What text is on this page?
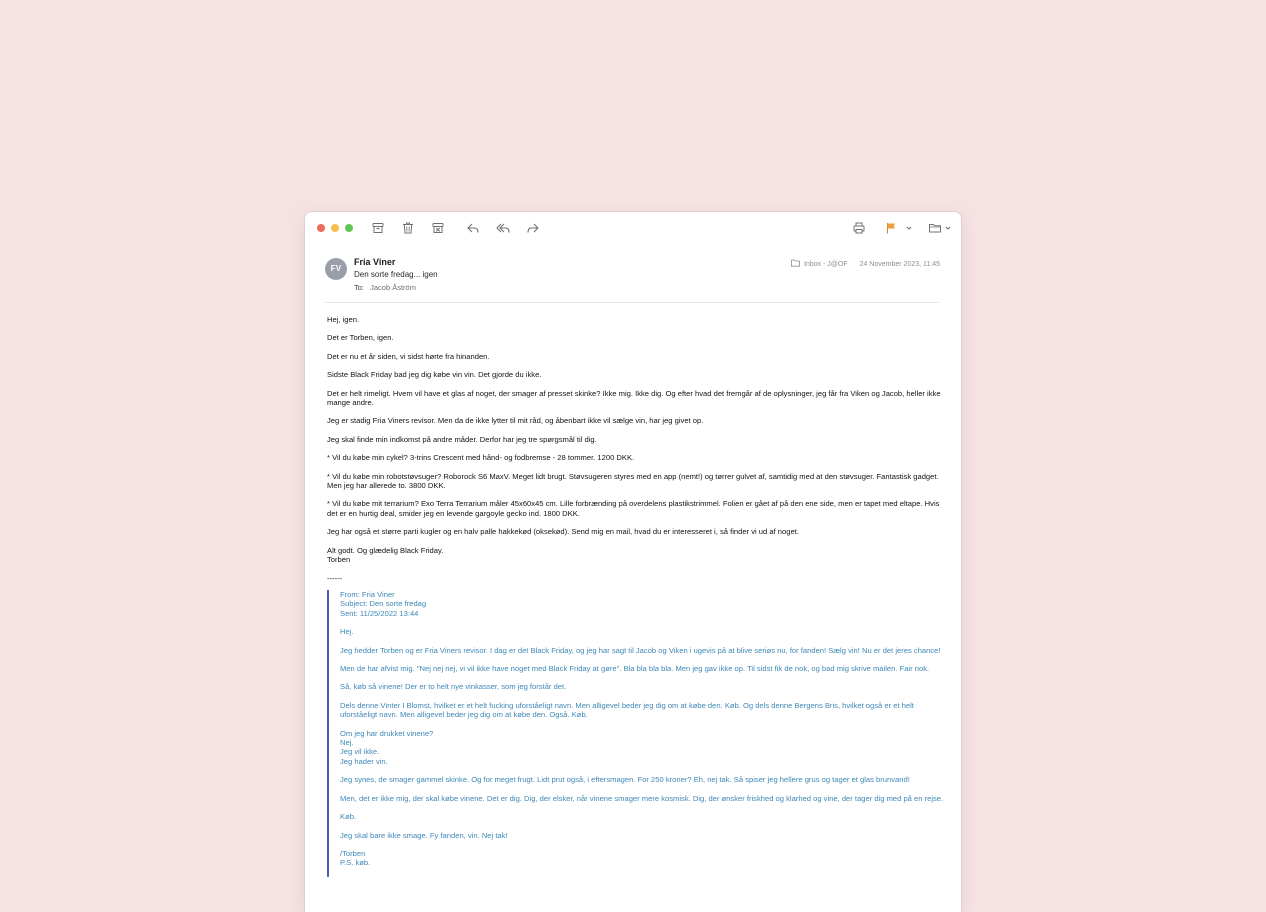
FV
Fria Viner
Den sorte fredag... igen
To: Jacob Åström
Inbox - J@OF 24 November 2023, 11:45

Hej, igen.

Det er Torben, igen.

Det er nu et år siden, vi sidst hørte fra hinanden.

Sidste Black Friday bad jeg dig købe vin vin. Det gjorde du ikke.

Det er helt rimeligt. Hvem vil have et glas af noget, der smager af presset skinke? Ikke mig. Ikke dig. Og efter hvad det fremgår af de oplysninger, jeg får fra Viken og Jacob, heller ikke mange andre.

Jeg er stadig Fria Viners revisor. Men da de ikke lytter til mit råd, og åbenbart ikke vil sælge vin, har jeg givet op.

Jeg skal finde min indkomst på andre måder. Derfor har jeg tre spørgsmål til dig.

* Vil du købe min cykel? 3-trins Crescent med hånd- og fodbremse - 28 tommer. 1200 DKK.

* Vil du købe min robotstøvsuger? Roborock S6 MaxV. Meget lidt brugt. Støvsugeren styres med en app (nemt!) og tørrer gulvet af, samtidig med at den støvsuger. Fantastisk gadget. Men jeg har allerede to. 3800 DKK.

* Vil du købe mit terrarium? Exo Terra Terrarium måler 45x60x45 cm. Lille forbrænding på overdelens plastikstrimmel. Folien er gået af på den ene side, men er tapet med eltape. Hvis det er en hurtig deal, smider jeg en levende gargoyle gecko ind. 1800 DKK.

Jeg har også et større parti kugler og en halv palle hakkekød (oksekød). Send mig en mail, hvad du er interesseret i, så finder vi ud af noget.

Alt godt. Og glædelig Black Friday.
Torben

------

From: Fria Viner

Subject: Den sorte fredag

Sent: 11/25/2022 13:44

Hej.

Jeg hedder Torben og er Fria Viners revisor. I dag er det Black Friday, og jeg har sagt til Jacob og Viken i ugevis på at blive seriøs nu, for fanden! Sælg vin! Nu er det jeres chance!

Men de har afvist mig. "Nej nej nej, vi vil ikke have noget med Black Friday at gøre". Bla bla bla bla. Men jeg gav ikke op. Til sidst fik de nok, og bad mig skrive mailen. Fair nok.

Så, køb så vinene! Der er to helt nye vinkasser, som jeg forstår det.

Dels denne Vinter I Blomst, hvilket er et helt fucking uforståeligt navn. Men alligevel beder jeg dig om at købe den. Køb. Og dels denne Bergens Bris, hvilket også er et helt uforståeligt navn. Men alligevel beder jeg dig om at købe den. Også. Køb.

Om jeg har drukket vinene?
Nej.
Jeg vil ikke.
Jeg hader vin.

Jeg synes, de smager gammel skinke. Og for meget frugt. Lidt prut også, i eftersmagen. For 250 kroner? Eh, nej tak. Så spiser jeg hellere grus og tager et glas brunvand!

Men, det er ikke mig, der skal købe vinene. Det er dig. Dig, der elsker, når vinene smager mere kosmisk. Dig, der ønsker friskhed og klarhed og vine, der tager dig med på en rejse.

Køb.

Jeg skal bare ikke smage. Fy fanden, vin. Nej tak!

/Torben
P.S. køb.
